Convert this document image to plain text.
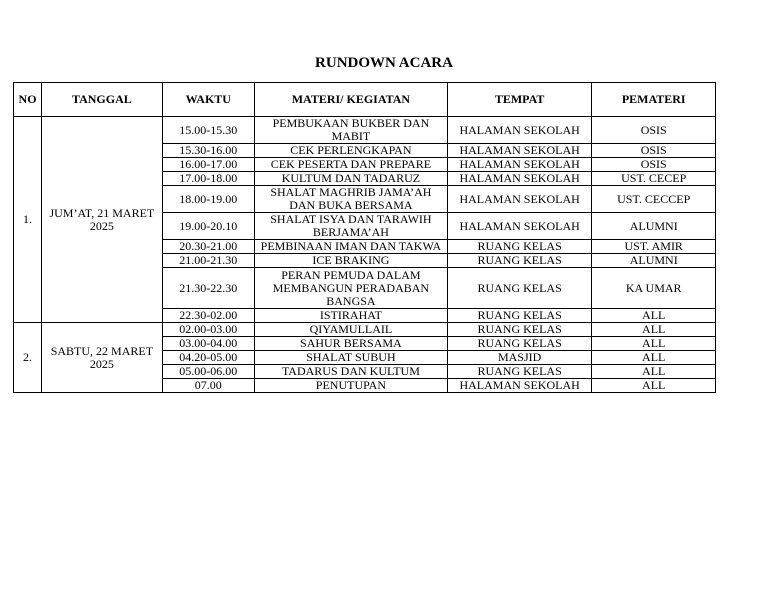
RUNDOWN ACARA
NO	TANGGAL	WAKTU	MATERI/ KEGIATAN	TEMPAT	PEMATERI
1.	JUM’AT, 21 MARET 2025	15.00-15.30	PEMBUKAAN BUKBER DAN MABIT	HALAMAN SEKOLAH	OSIS
		15.30-16.00	CEK PERLENGKAPAN	HALAMAN SEKOLAH	OSIS
		16.00-17.00	CEK PESERTA DAN PREPARE	HALAMAN SEKOLAH	OSIS
		17.00-18.00	KULTUM DAN TADARUZ	HALAMAN SEKOLAH	UST. CECEP
		18.00-19.00	SHALAT MAGHRIB JAMA’AH DAN BUKA BERSAMA	HALAMAN SEKOLAH	UST. CECCEP
		19.00-20.10	SHALAT ISYA DAN TARAWIH BERJAMA’AH	HALAMAN SEKOLAH	ALUMNI
		20.30-21.00	PEMBINAAN IMAN DAN TAKWA	RUANG KELAS	UST. AMIR
		21.00-21.30	ICE BRAKING	RUANG KELAS	ALUMNI
		21.30-22.30	PERAN PEMUDA DALAM MEMBANGUN PERADABAN BANGSA	RUANG KELAS	KA UMAR
		22.30-02.00	ISTIRAHAT	RUANG KELAS	ALL
2.	SABTU, 22 MARET 2025	02.00-03.00	QIYAMULLAIL	RUANG KELAS	ALL
		03.00-04.00	SAHUR BERSAMA	RUANG KELAS	ALL
		04.20-05.00	SHALAT SUBUH	MASJID	ALL
		05.00-06.00	TADARUS DAN KULTUM	RUANG KELAS	ALL
		07.00	PENUTUPAN	HALAMAN SEKOLAH	ALL
